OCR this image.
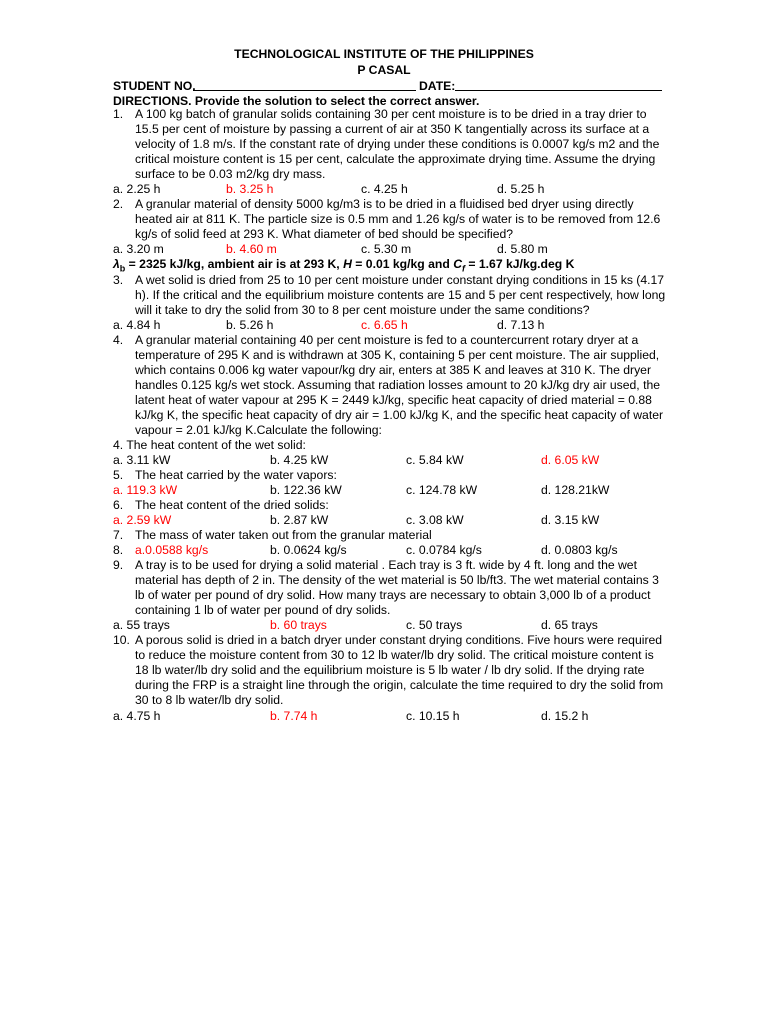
TECHNOLOGICAL INSTITUTE OF THE PHILIPPINES
P CASAL
STUDENT NO.	DATE:
DIRECTIONS. Provide the solution to select the correct answer.
1. A 100 kg batch of granular solids containing 30 per cent moisture is to be dried in a tray drier to
15.5 per cent of moisture by passing a current of air at 350 K tangentially across its surface at a
velocity of 1.8 m/s. If the constant rate of drying under these conditions is 0.0007 kg/s m2 and the
critical moisture content is 15 per cent, calculate the approximate drying time. Assume the drying
surface to be 0.03 m2/kg dry mass.
a. 2.25 h	b. 3.25 h	c. 4.25 h	d. 5.25 h
2. A granular material of density 5000 kg/m3 is to be dried in a fluidised bed dryer using directly
heated air at 811 K. The particle size is 0.5 mm and 1.26 kg/s of water is to be removed from 12.6
kg/s of solid feed at 293 K. What diameter of bed should be specified?
a. 3.20 m	b. 4.60 m	c. 5.30 m	d. 5.80 m
$\lambda_b = 2325$ kJ/kg, ambient air is at 293 K, H = 0.01 kg/kg and $C_f = 1.67$ kJ/kg.deg K
3. A wet solid is dried from 25 to 10 per cent moisture under constant drying conditions in 15 ks (4.17
h). If the critical and the equilibrium moisture contents are 15 and 5 per cent respectively, how long
will it take to dry the solid from 30 to 8 per cent moisture under the same conditions?
a. 4.84 h	b. 5.26 h	c. 6.65 h	d. 7.13 h
4. A granular material containing 40 per cent moisture is fed to a countercurrent rotary dryer at a
temperature of 295 K and is withdrawn at 305 K, containing 5 per cent moisture. The air supplied,
which contains 0.006 kg water vapour/kg dry air, enters at 385 K and leaves at 310 K. The dryer
handles 0.125 kg/s wet stock. Assuming that radiation losses amount to 20 kJ/kg dry air used, the
latent heat of water vapour at 295 K = 2449 kJ/kg, specific heat capacity of dried material = 0.88
kJ/kg K, the specific heat capacity of dry air = 1.00 kJ/kg K, and the specific heat capacity of water
vapour = 2.01 kJ/kg K.Calculate the following:
4. The heat content of the wet solid:
a. 3.11 kW	b. 4.25 kW	c. 5.84 kW	d. 6.05 kW
5. The heat carried by the water vapors:
a. 119.3 kW	b. 122.36 kW	c. 124.78 kW	d. 128.21kW
6. The heat content of the dried solids:
a. 2.59 kW	b. 2.87 kW	c. 3.08 kW	d. 3.15 kW
7. The mass of water taken out from the granular material
8. a.0.0588 kg/s	b. 0.0624 kg/s	c. 0.0784 kg/s	d. 0.0803 kg/s
9. A tray is to be used for drying a solid material . Each tray is 3 ft. wide by 4 ft. long and the wet
material has depth of 2 in. The density of the wet material is 50 lb/ft3. The wet material contains 3
lb of water per pound of dry solid. How many trays are necessary to obtain 3,000 lb of a product
containing 1 lb of water per pound of dry solids.
a. 55 trays	b. 60 trays	c. 50 trays	d. 65 trays
10. A porous solid is dried in a batch dryer under constant drying conditions. Five hours were required
to reduce the moisture content from 30 to 12 lb water/lb dry solid. The critical moisture content is
18 lb water/lb dry solid and the equilibrium moisture is 5 lb water / lb dry solid. If the drying rate
during the FRP is a straight line through the origin, calculate the time required to dry the solid from
30 to 8 lb water/lb dry solid.
a. 4.75 h	b. 7.74 h	c. 10.15 h	d. 15.2 h
